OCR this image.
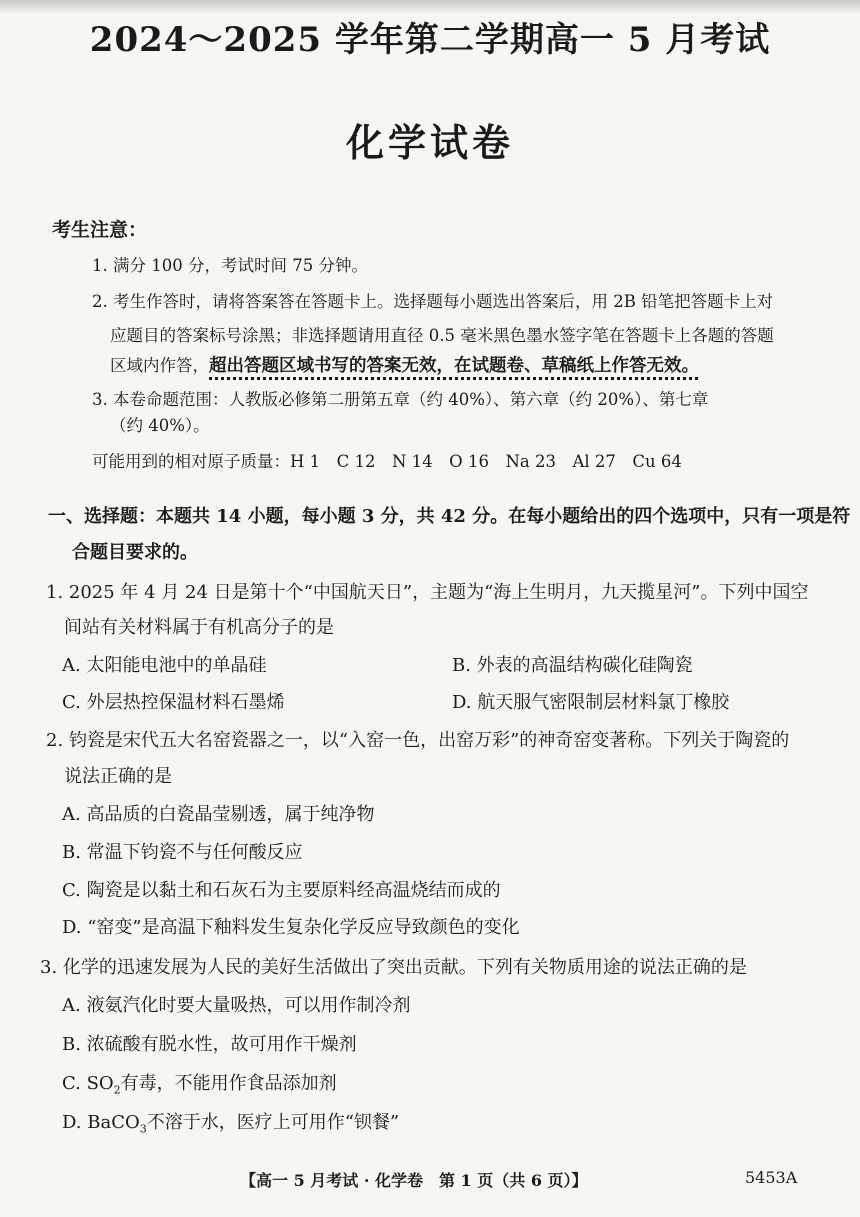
2024～2025 学年第二学期高一 5 月考试
化学试卷
考生注意：
1. 满分 100 分，考试时间 75 分钟。
2. 考生作答时，请将答案答在答题卡上。选择题每小题选出答案后，用 2B 铅笔把答题卡上对
应题目的答案标号涂黑；非选择题请用直径 0.5 毫米黑色墨水签字笔在答题卡上各题的答题
区域内作答，超出答题区域书写的答案无效，在试题卷、草稿纸上作答无效。
3. 本卷命题范围：人教版必修第二册第五章（约 40%）、第六章（约 20%）、第七章
（约 40%）。
可能用到的相对原子质量：H 1　C 12　N 14　O 16　Na 23　Al 27　Cu 64
一、选择题：本题共 14 小题，每小题 3 分，共 42 分。在每小题给出的四个选项中，只有一项是符
合题目要求的。
1. 2025 年 4 月 24 日是第十个“中国航天日”，主题为“海上生明月，九天揽星河”。下列中国空
间站有关材料属于有机高分子的是
A. 太阳能电池中的单晶硅	B. 外表的高温结构碳化硅陶瓷
C. 外层热控保温材料石墨烯	D. 航天服气密限制层材料氯丁橡胶
2. 钧瓷是宋代五大名窑瓷器之一，以“入窑一色，出窑万彩”的神奇窑变著称。下列关于陶瓷的
说法正确的是
A. 高品质的白瓷晶莹剔透，属于纯净物
B. 常温下钧瓷不与任何酸反应
C. 陶瓷是以黏土和石灰石为主要原料经高温烧结而成的
D. “窑变”是高温下釉料发生复杂化学反应导致颜色的变化
3. 化学的迅速发展为人民的美好生活做出了突出贡献。下列有关物质用途的说法正确的是
A. 液氨汽化时要大量吸热，可以用作制冷剂
B. 浓硫酸有脱水性，故可用作干燥剂
C. $SO_2$有毒，不能用作食品添加剂
D. BaCO$_3$不溶于水，医疗上可用作“钡餐”
【高一 5 月考试 · 化学卷　第 1 页（共 6 页）】	5453A
